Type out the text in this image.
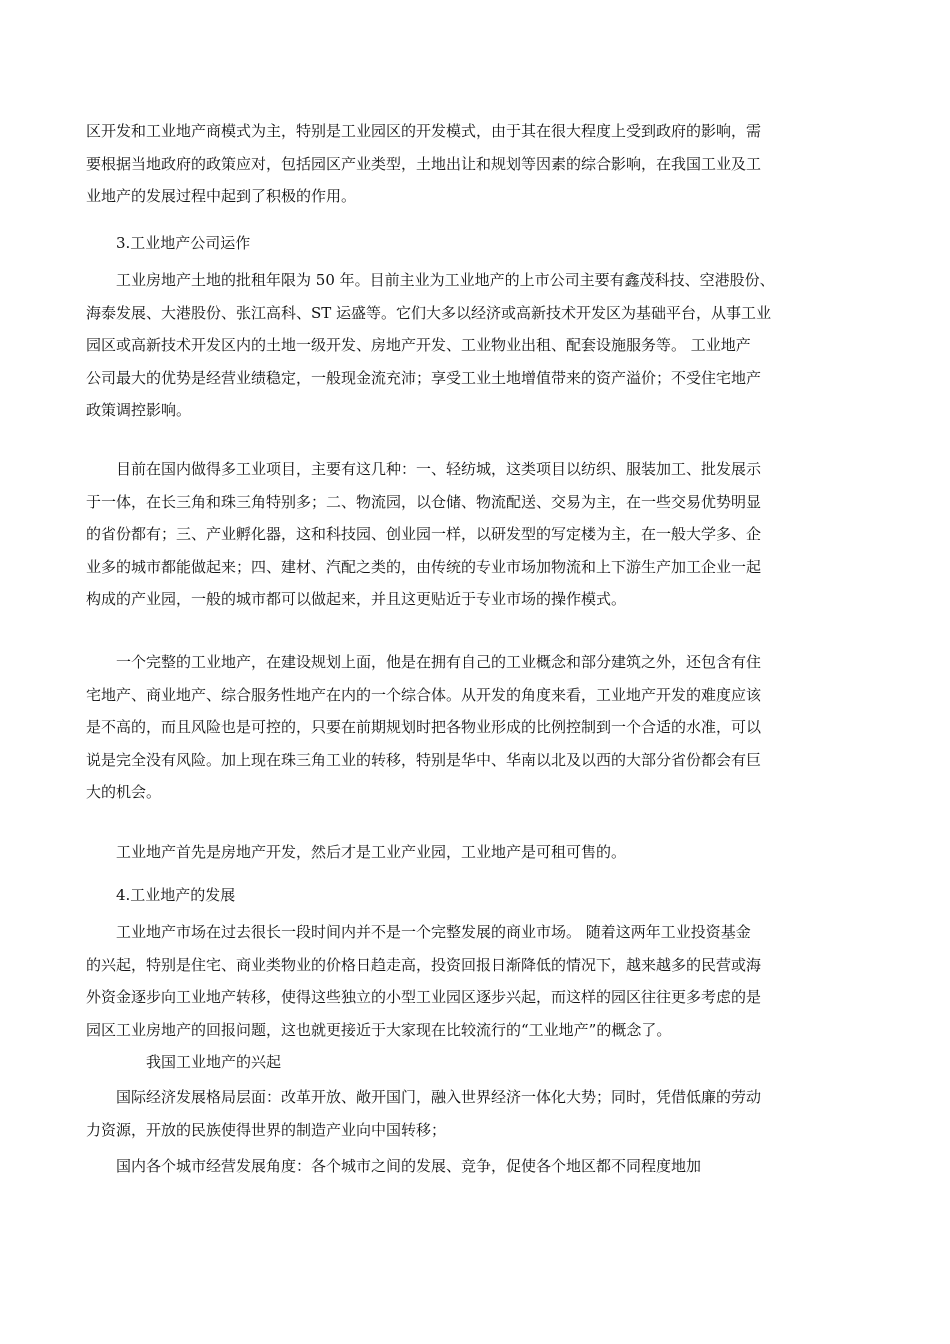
区开发和工业地产商模式为主，特别是工业园区的开发模式，由于其在很大程度上受到政府的影响，需
要根据当地政府的政策应对，包括园区产业类型，土地出让和规划等因素的综合影响，在我国工业及工
业地产的发展过程中起到了积极的作用。
3.工业地产公司运作
工业房地产土地的批租年限为 50 年。目前主业为工业地产的上市公司主要有鑫茂科技、空港股份、
海泰发展、大港股份、张江高科、ST 运盛等。它们大多以经济或高新技术开发区为基础平台，从事工业
园区或高新技术开发区内的土地一级开发、房地产开发、工业物业出租、配套设施服务等。 工业地产
公司最大的优势是经营业绩稳定，一般现金流充沛；享受工业土地增值带来的资产溢价；不受住宅地产
政策调控影响。
目前在国内做得多工业项目，主要有这几种：一、轻纺城，这类项目以纺织、服装加工、批发展示
于一体，在长三角和珠三角特别多；二、物流园，以仓储、物流配送、交易为主，在一些交易优势明显
的省份都有；三、产业孵化器，这和科技园、创业园一样，以研发型的写定楼为主，在一般大学多、企
业多的城市都能做起来；四、建材、汽配之类的，由传统的专业市场加物流和上下游生产加工企业一起
构成的产业园，一般的城市都可以做起来，并且这更贴近于专业市场的操作模式。
一个完整的工业地产，在建设规划上面，他是在拥有自己的工业概念和部分建筑之外，还包含有住
宅地产、商业地产、综合服务性地产在内的一个综合体。从开发的角度来看，工业地产开发的难度应该
是不高的，而且风险也是可控的，只要在前期规划时把各物业形成的比例控制到一个合适的水准，可以
说是完全没有风险。加上现在珠三角工业的转移，特别是华中、华南以北及以西的大部分省份都会有巨
大的机会。
工业地产首先是房地产开发，然后才是工业产业园，工业地产是可租可售的。
4.工业地产的发展
工业地产市场在过去很长一段时间内并不是一个完整发展的商业市场。 随着这两年工业投资基金
的兴起，特别是住宅、商业类物业的价格日趋走高，投资回报日渐降低的情况下，越来越多的民营或海
外资金逐步向工业地产转移，使得这些独立的小型工业园区逐步兴起，而这样的园区往往更多考虑的是
园区工业房地产的回报问题，这也就更接近于大家现在比较流行的“工业地产”的概念了。
我国工业地产的兴起
国际经济发展格局层面：改革开放、敞开国门，融入世界经济一体化大势；同时，凭借低廉的劳动
力资源，开放的民族使得世界的制造产业向中国转移；
国内各个城市经营发展角度：各个城市之间的发展、竞争，促使各个地区都不同程度地加
